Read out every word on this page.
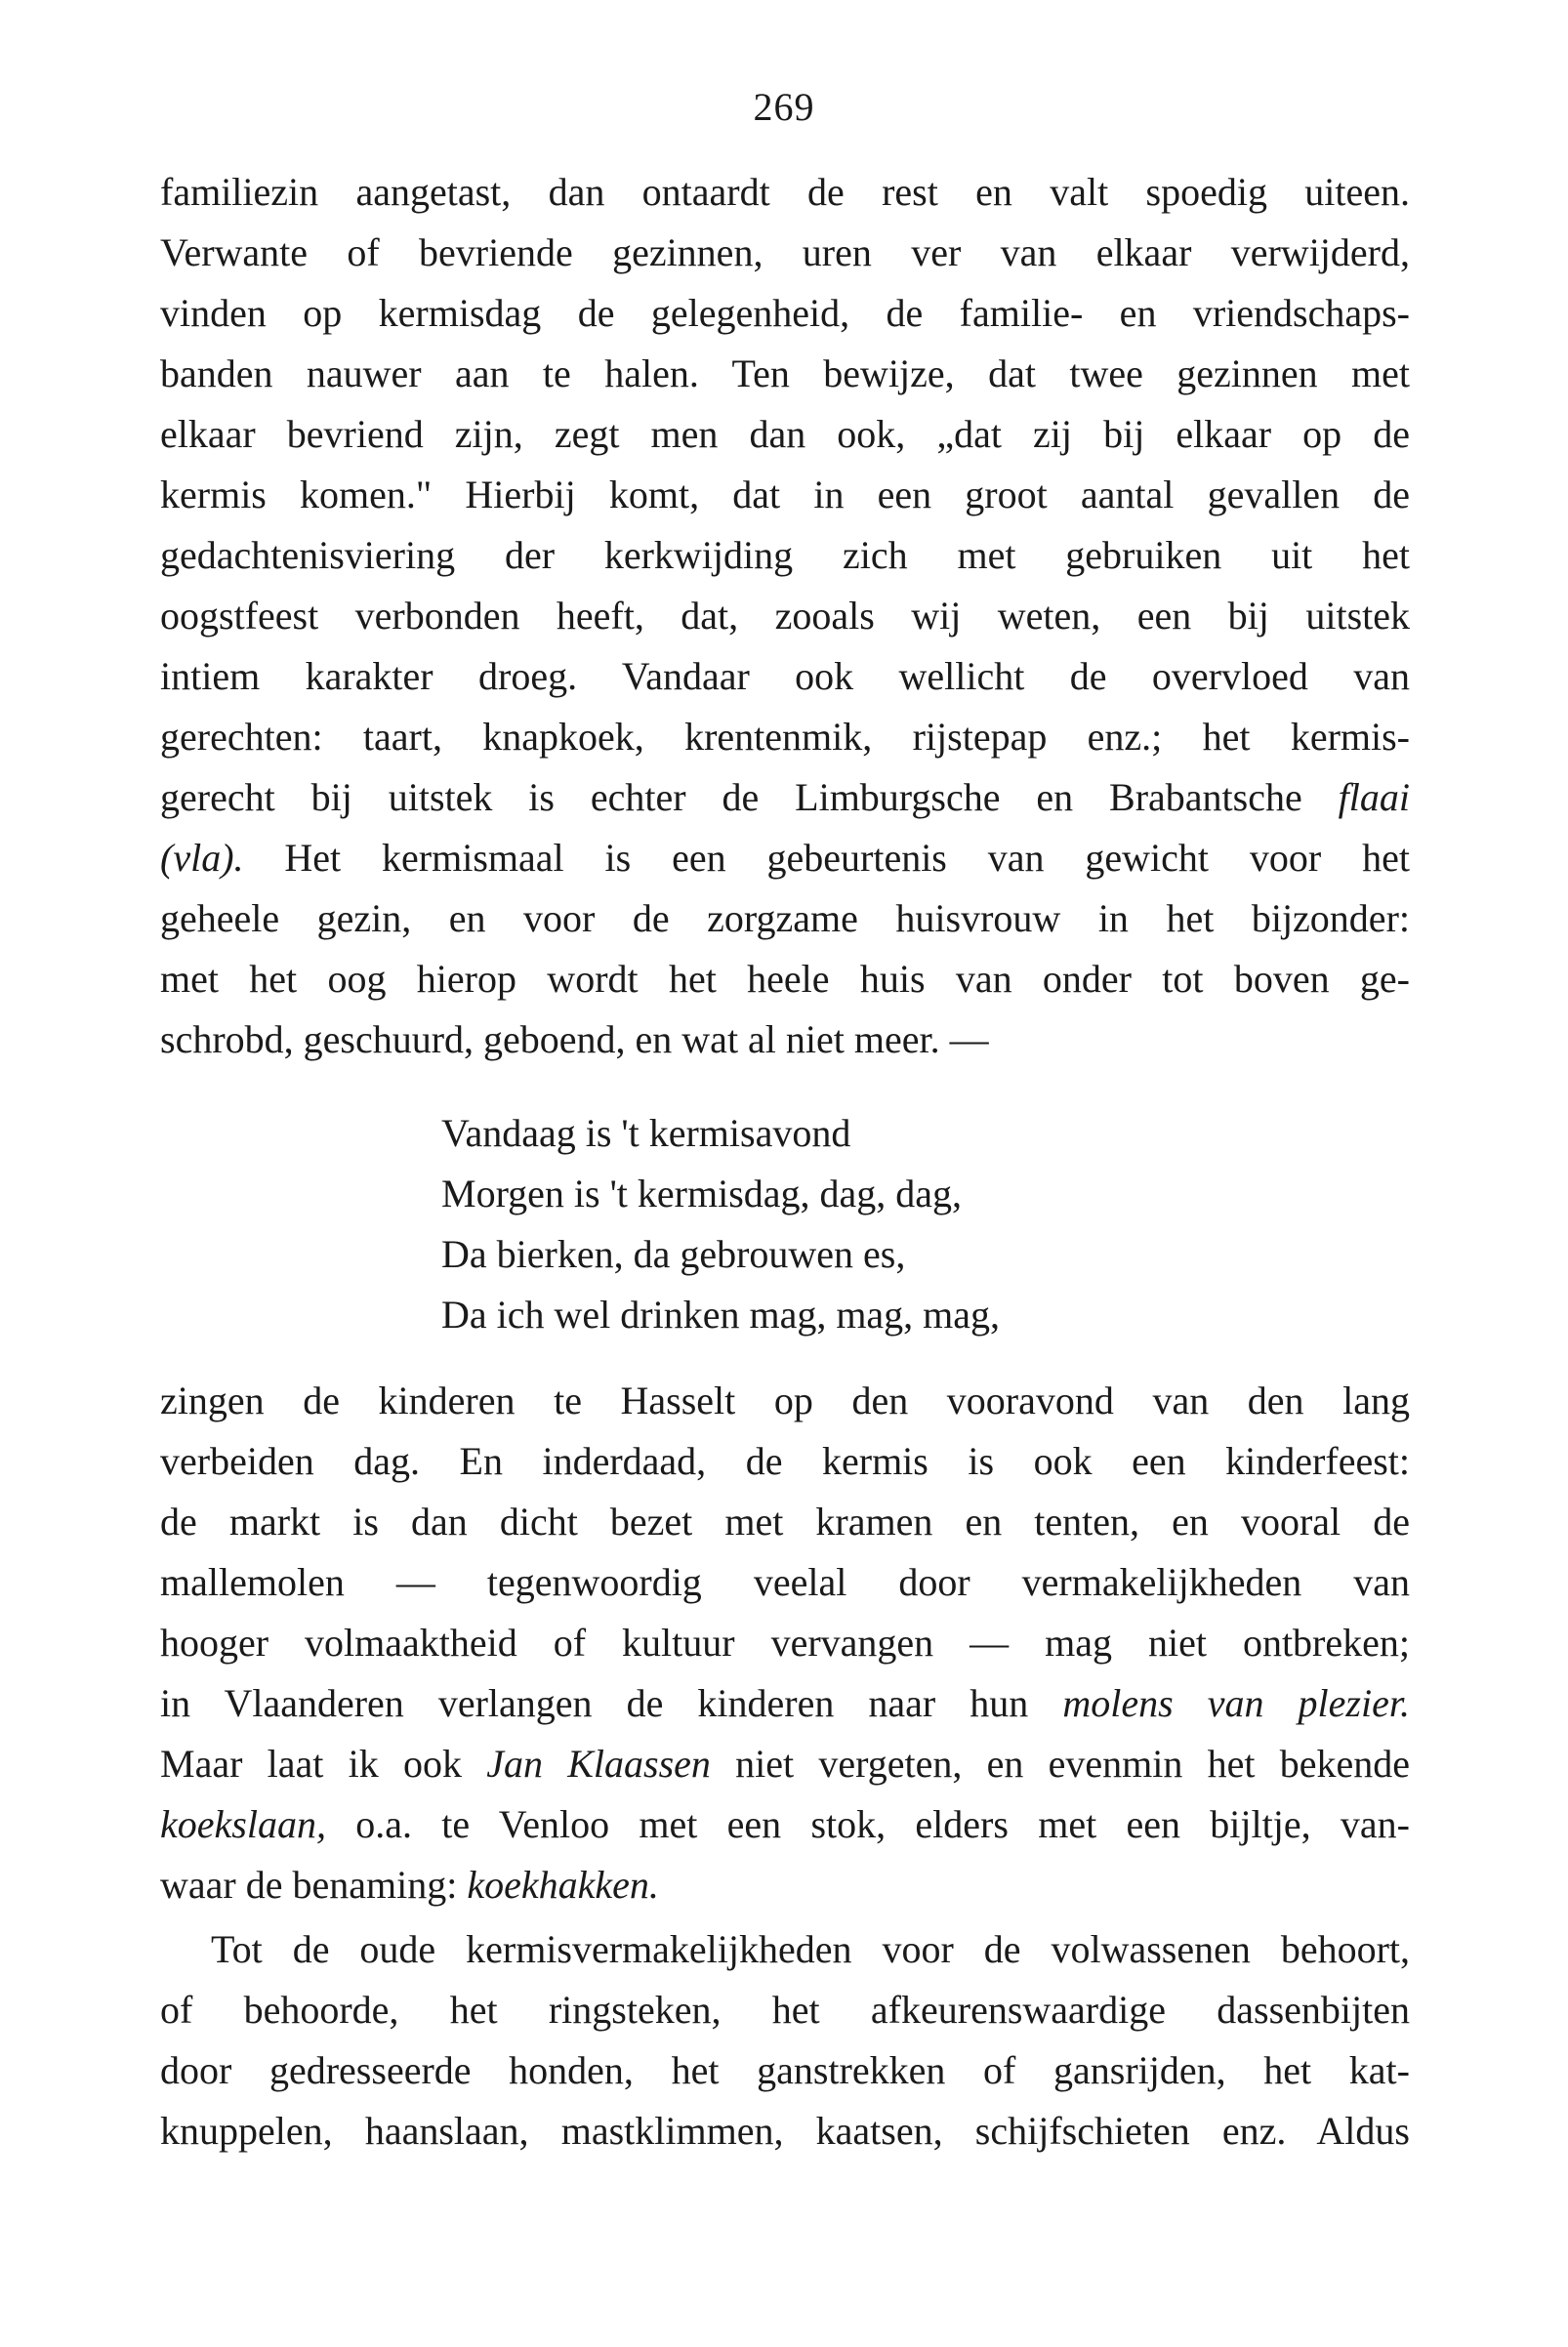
269
familiezin aangetast, dan ontaardt de rest en valt spoedig uiteen.
Verwante of bevriende gezinnen, uren ver van elkaar verwijderd,
vinden op kermisdag de gelegenheid, de familie- en vriendschaps-
banden nauwer aan te halen. Ten bewijze, dat twee gezinnen met
elkaar bevriend zijn, zegt men dan ook, „dat zij bij elkaar op de
kermis komen." Hierbij komt, dat in een groot aantal gevallen de
gedachtenisviering der kerkwijding zich met gebruiken uit het
oogstfeest verbonden heeft, dat, zooals wij weten, een bij uitstek
intiem karakter droeg. Vandaar ook wellicht de overvloed van
gerechten: taart, knapkoek, krentenmik, rijstepap enz.; het kermis-
gerecht bij uitstek is echter de Limburgsche en Brabantsche flaai
(vla). Het kermismaal is een gebeurtenis van gewicht voor het
geheele gezin, en voor de zorgzame huisvrouw in het bijzonder:
met het oog hierop wordt het heele huis van onder tot boven ge-
schrobd, geschuurd, geboend, en wat al niet meer. —
Vandaag is 't kermisavond
Morgen is 't kermisdag, dag, dag,
Da bierken, da gebrouwen es,
Da ich wel drinken mag, mag, mag,
zingen de kinderen te Hasselt op den vooravond van den lang
verbeiden dag. En inderdaad, de kermis is ook een kinderfeest:
de markt is dan dicht bezet met kramen en tenten, en vooral de
mallemolen — tegenwoordig veelal door vermakelijkheden van
hooger volmaaktheid of kultuur vervangen — mag niet ontbreken;
in Vlaanderen verlangen de kinderen naar hun molens van plezier.
Maar laat ik ook Jan Klaassen niet vergeten, en evenmin het bekende
koekslaan, o.a. te Venloo met een stok, elders met een bijltje, van-
waar de benaming: koekhakken.
Tot de oude kermisvermakelijkheden voor de volwassenen behoort,
of behoorde, het ringsteken, het afkeurenswaardige dassenbijten
door gedresseerde honden, het ganstrekken of gansrijden, het kat-
knuppelen, haanslaan, mastklimmen, kaatsen, schijfschieten enz. Aldus
